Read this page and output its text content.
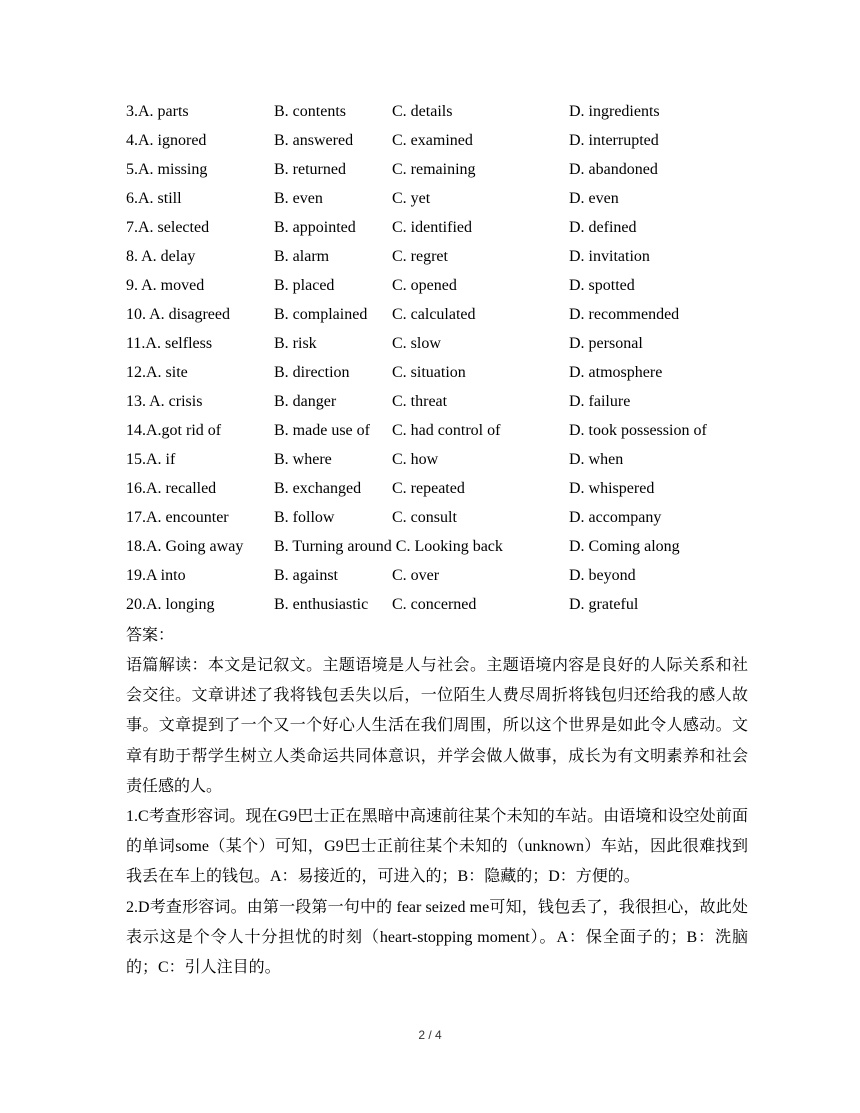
3.A. parts	B. contents	C. details	D. ingredients
4.A. ignored	B. answered C. examined	D. interrupted
5.A. missing	B. returned	C. remaining	D. abandoned
6.A. still	B. even	C. yet	D. even
7.A. selected	B. appointed C. identified	D. defined
8. A. delay	B. alarm	C. regret	D. invitation
9. A. moved	B. placed	C. opened	D. spotted
10. A. disagreed	B. complained C. calculated	D. recommended
11.A. selfless	B. risk	C. slow	D. personal
12.A. site	B. direction	C. situation	D. atmosphere
13. A. crisis	B. danger	C. threat	D. failure
14.A.got rid of	B. made use of C. had control of	D. took possession of
15.A. if	B. where	C. how	D. when
16.A. recalled	B. exchanged C. repeated	D. whispered
17.A. encounter	B. follow	C. consult	D. accompany
18.A. Going away B. Turning around C. Looking back	D. Coming along
19.A into	B. against	C. over	D. beyond
20.A. longing	B. enthusiastic C. concerned	D. grateful
答案：

语篇解读：本文是记叙文。主题语境是人与社会。主题语境内容是良好的人际关系和社会交往。文章讲述了我将钱包丢失以后，一位陌生人费尽周折将钱包归还给我的感人故事。文章提到了一个又一个好心人生活在我们周围，所以这个世界是如此令人感动。文章有助于帮学生树立人类命运共同体意识，并学会做人做事，成长为有文明素养和社会责任感的人。

1.C考查形容词。现在G9巴士正在黑暗中高速前往某个未知的车站。由语境和设空处前面的单词some（某个）可知，G9巴士正前往某个未知的（unknown）车站，因此很难找到我丢在车上的钱包。A：易接近的，可进入的；B：隐藏的；D：方便的。

2.D考查形容词。由第一段第一句中的 fear seized me可知，钱包丢了，我很担心，故此处表示这是个令人十分担忧的时刻（heart-stopping moment）。A：保全面子的；B：洗脑的；C：引人注目的。

2 / 4
